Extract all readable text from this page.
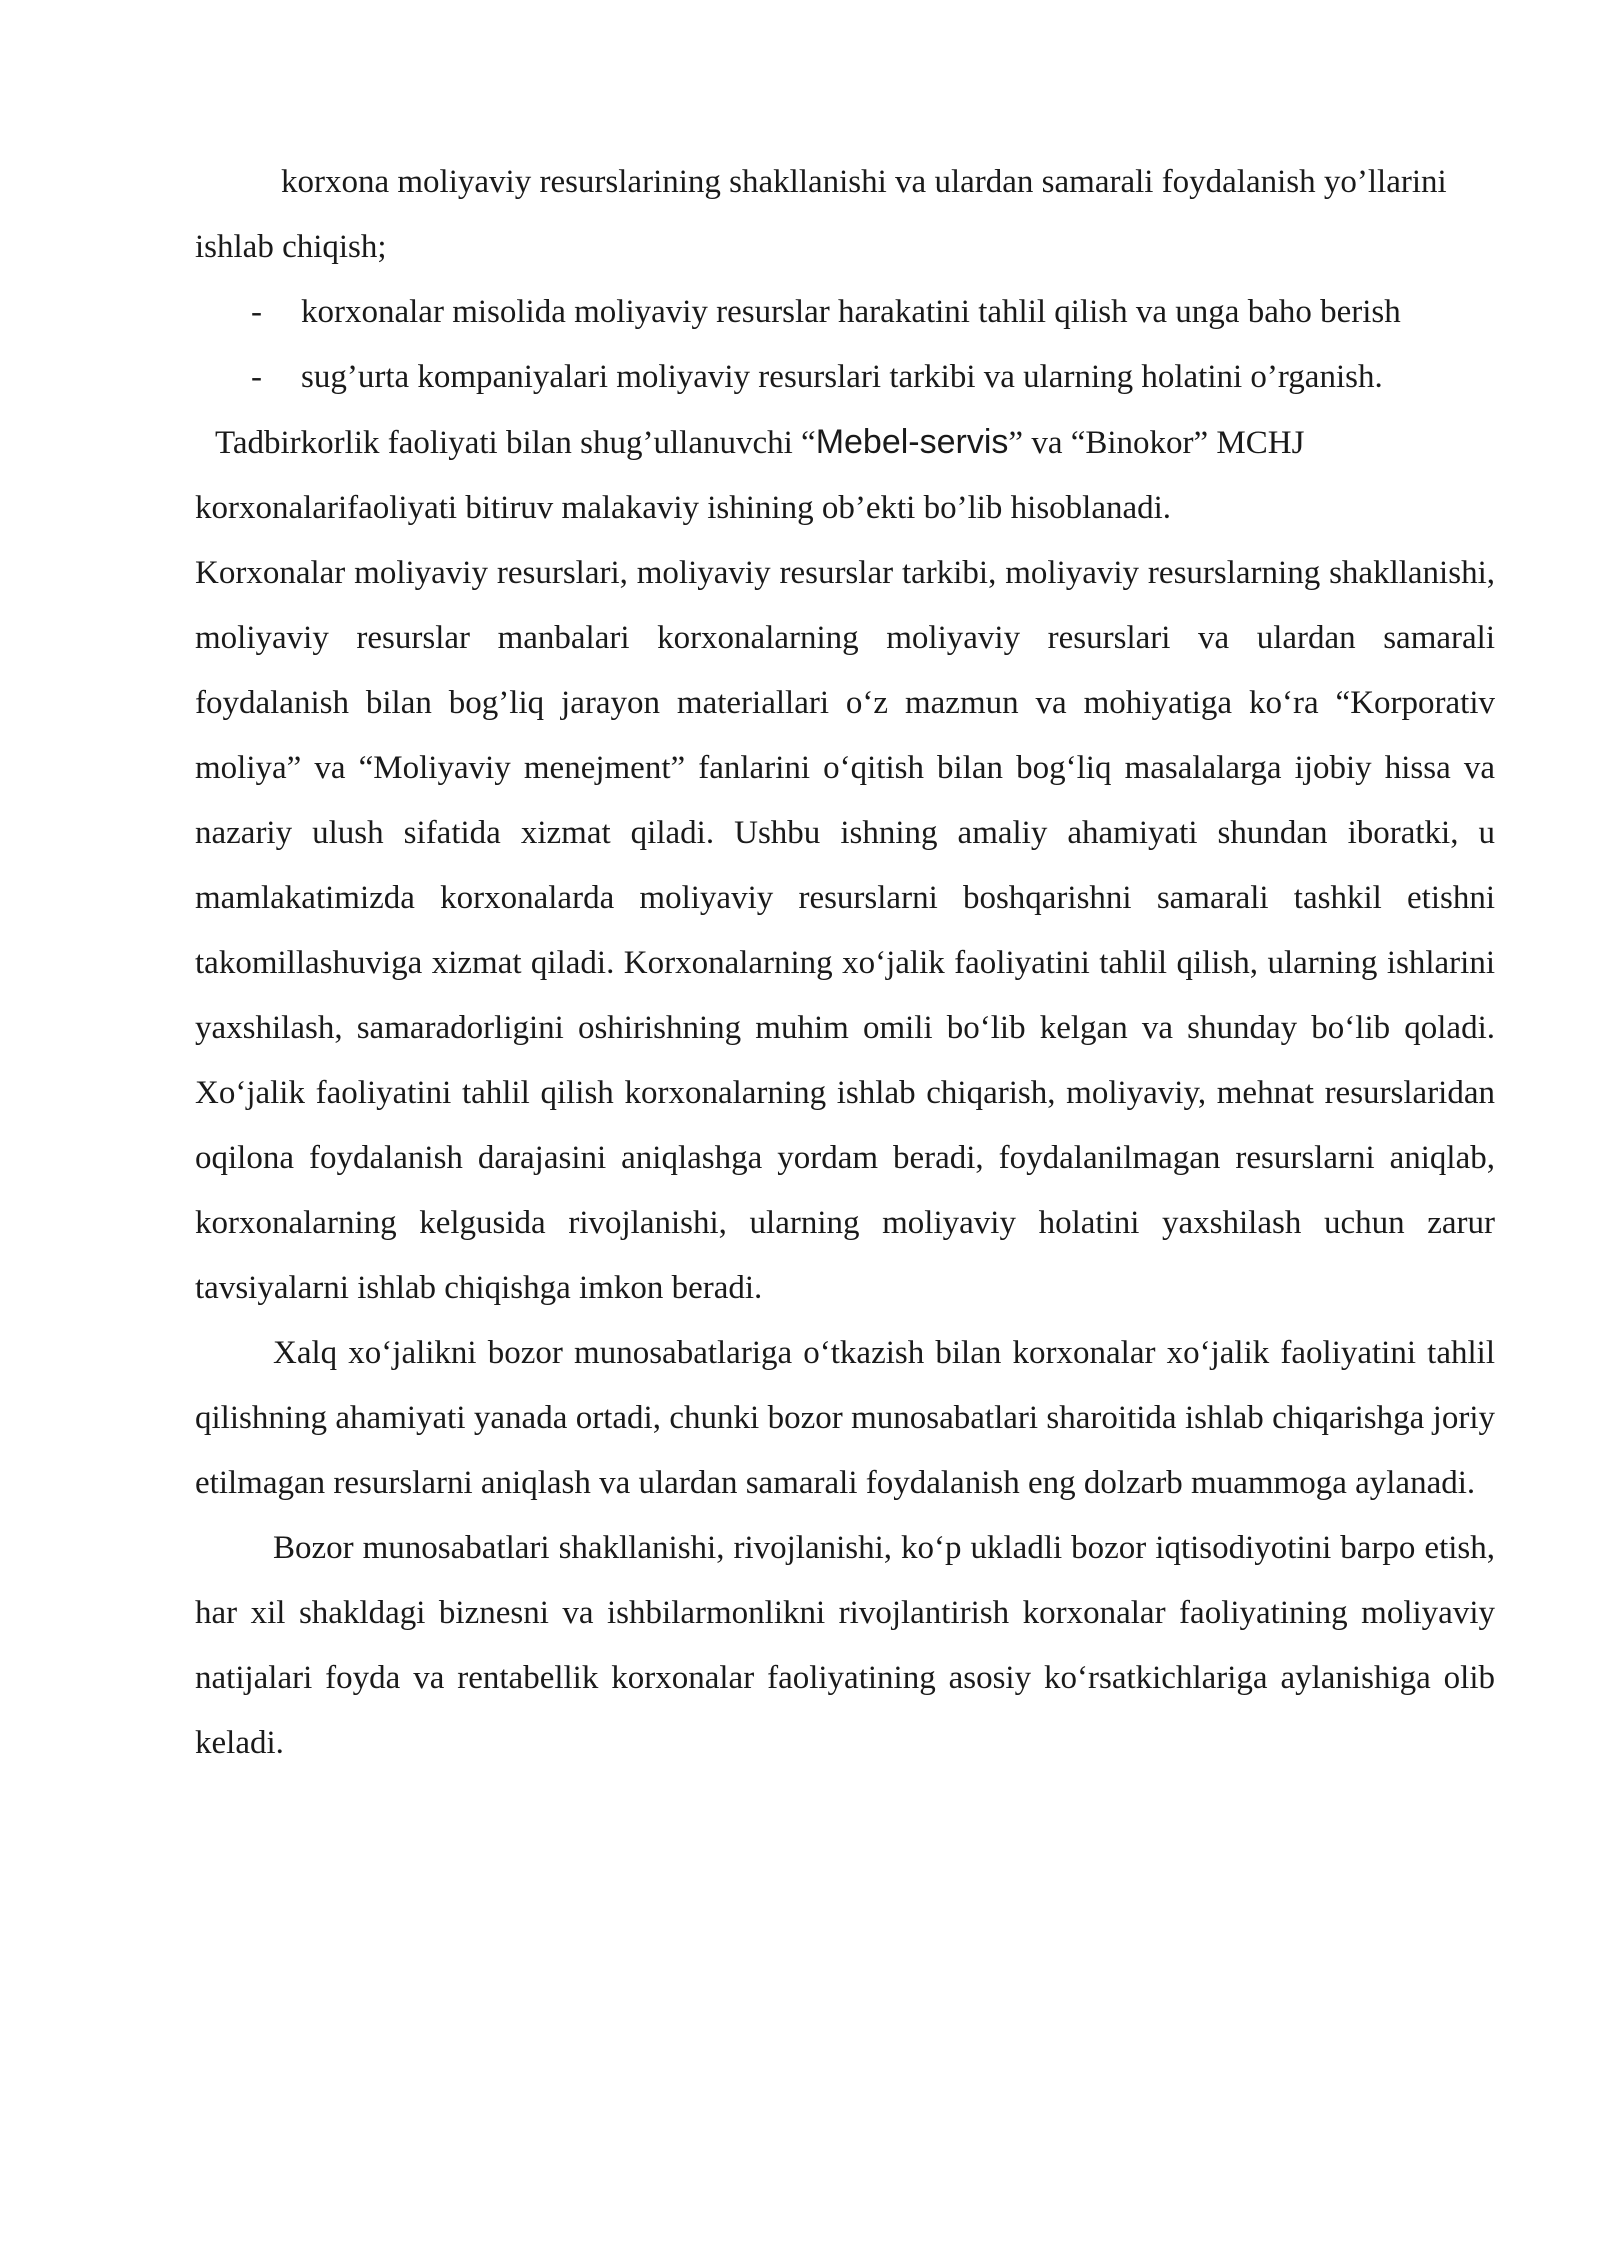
korxona moliyaviy resurslarining shakllanishi va ulardan samarali foydalanish yo’llarini ishlab chiqish;

- korxonalar misolida moliyaviy resurslar harakatini tahlil qilish va unga baho berish
- sug’urta kompaniyalari moliyaviy resurslari tarkibi va ularning holatini o’rganish.

Tadbirkorlik faoliyati bilan shug’ullanuvchi “Mebel-servis” va “Binokor” MCHJ korxonalarifaoliyati bitiruv malakaviy ishining ob’ekti bo’lib hisoblanadi.

Korxonalar moliyaviy resurslari, moliyaviy resurslar tarkibi, moliyaviy resurslarning shakllanishi, moliyaviy resurslar manbalari korxonalarning moliyaviy resurslari va ulardan samarali foydalanish bilan bog’liq jarayon materiallari o‘z mazmun va mohiyatiga ko‘ra “Korporativ moliya” va “Moliyaviy menejment” fanlarini o‘qitish bilan bog‘liq masalalarga ijobiy hissa va nazariy ulush sifatida xizmat qiladi. Ushbu ishning amaliy ahamiyati shundan iboratki, u mamlakatimizda korxonalarda moliyaviy resurslarni boshqarishni samarali tashkil etishni takomillashuviga xizmat qiladi. Korxonalarning xo‘jalik faoliyatini tahlil qilish, ularning ishlarini yaxshilash, samaradorligini oshirishning muhim omili bo‘lib kelgan va shunday bo‘lib qoladi. Xo‘jalik faoliyatini tahlil qilish korxonalarning ishlab chiqarish, moliyaviy, mehnat resurslaridan oqilona foydalanish darajasini aniqlashga yordam beradi, foydalanilmagan resurslarni aniqlab, korxonalarning kelgusida rivojlanishi, ularning moliyaviy holatini yaxshilash uchun zarur tavsiyalarni ishlab chiqishga imkon beradi.

Xalq xo‘jalikni bozor munosabatlariga o‘tkazish bilan korxonalar xo‘jalik faoliyatini tahlil qilishning ahamiyati yanada ortadi, chunki bozor munosabatlari sharoitida ishlab chiqarishga joriy etilmagan resurslarni aniqlash va ulardan samarali foydalanish eng dolzarb muammoga aylanadi.

Bozor munosabatlari shakllanishi, rivojlanishi, ko‘p ukladli bozor iqtisodiyotini barpo etish, har xil shakldagi biznesni va ishbilarmonlikni rivojlantirish korxonalar faoliyatining moliyaviy natijalari foyda va rentabellik korxonalar faoliyatining asosiy ko‘rsatkichlariga aylanishiga olib keladi.
